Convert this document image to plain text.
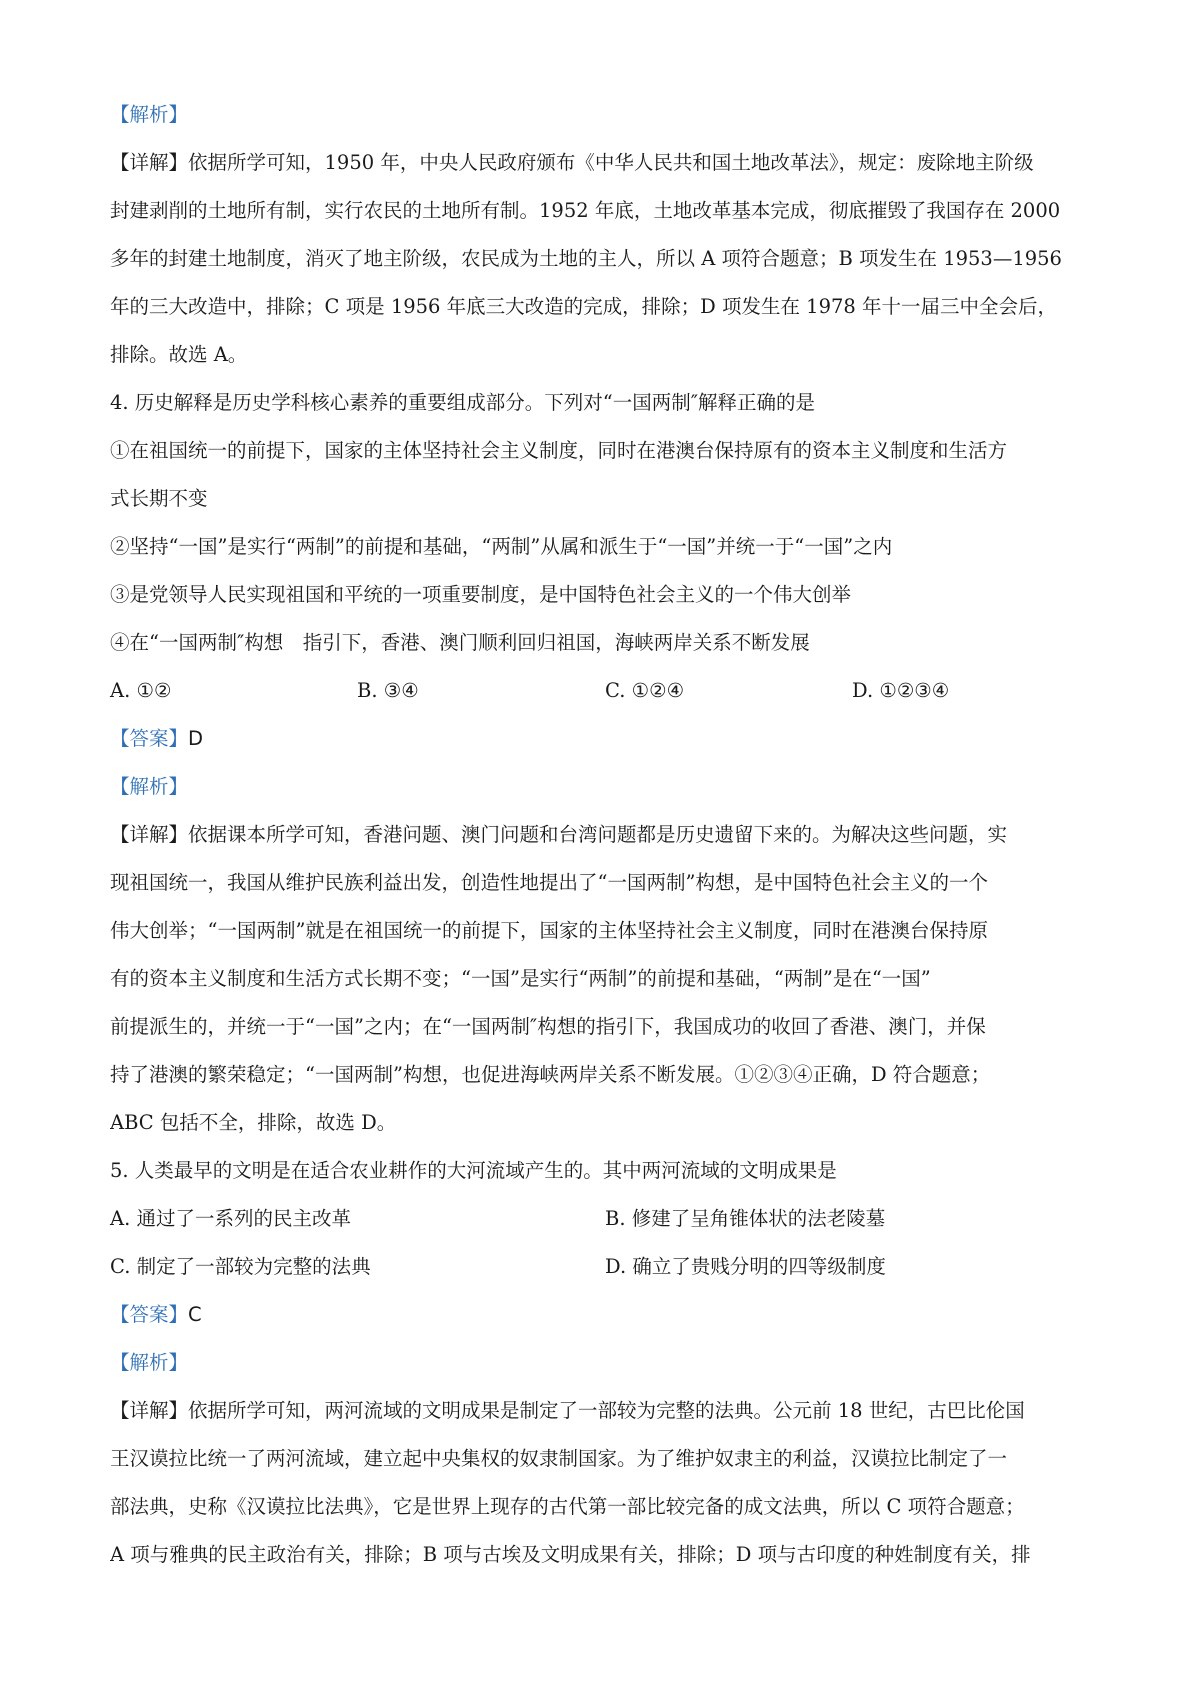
【解析】
【详解】依据所学可知，1950 年，中央人民政府颁布《中华人民共和国土地改革法》，规定：废除地主阶级
封建剥削的土地所有制，实行农民的土地所有制。1952 年底，土地改革基本完成，彻底摧毁了我国存在 2000
多年的封建土地制度，消灭了地主阶级，农民成为土地的主人，所以 A 项符合题意；B 项发生在 1953—1956
年的三大改造中，排除；C 项是 1956 年底三大改造的完成，排除；D 项发生在 1978 年十一届三中全会后，
排除。故选 A。
4. 历史解释是历史学科核心素养的重要组成部分。下列对“一国两制″解释正确的是
①在祖国统一的前提下，国家的主体坚持社会主义制度，同时在港澳台保持原有的资本主义制度和生活方
式长期不变
②坚持“一国”是实行“两制”的前提和基础，“两制”从属和派生于“一国”并统一于“一国”之内
③是党领导人民实现祖国和平统的一项重要制度，是中国特色社会主义的一个伟大创举
④在“一国两制″构想　指引下，香港、澳门顺利回归祖国，海峡两岸关系不断发展
A. ①②	B. ③④	C. ①②④	D. ①②③④
【答案】D
【解析】
【详解】依据课本所学可知，香港问题、澳门问题和台湾问题都是历史遗留下来的。为解决这些问题，实
现祖国统一，我国从维护民族利益出发，创造性地提出了“一国两制”构想，是中国特色社会主义的一个
伟大创举；“一国两制”就是在祖国统一的前提下，国家的主体坚持社会主义制度，同时在港澳台保持原
有的资本主义制度和生活方式长期不变；“一国”是实行“两制”的前提和基础，“两制”是在“一国”
前提派生的，并统一于“一国”之内；在“一国两制″构想的指引下，我国成功的收回了香港、澳门，并保
持了港澳的繁荣稳定；“一国两制”构想，也促进海峡两岸关系不断发展。①②③④正确，D 符合题意；
ABC 包括不全，排除，故选 D。
5. 人类最早的文明是在适合农业耕作的大河流域产生的。其中两河流域的文明成果是
A. 通过了一系列的民主改革	B. 修建了呈角锥体状的法老陵墓
C. 制定了一部较为完整的法典	D. 确立了贵贱分明的四等级制度
【答案】C
【解析】
【详解】依据所学可知，两河流域的文明成果是制定了一部较为完整的法典。公元前 18 世纪，古巴比伦国
王汉谟拉比统一了两河流域，建立起中央集权的奴隶制国家。为了维护奴隶主的利益，汉谟拉比制定了一
部法典，史称《汉谟拉比法典》，它是世界上现存的古代第一部比较完备的成文法典，所以 C 项符合题意；
A 项与雅典的民主政治有关，排除；B 项与古埃及文明成果有关，排除；D 项与古印度的种姓制度有关，排
